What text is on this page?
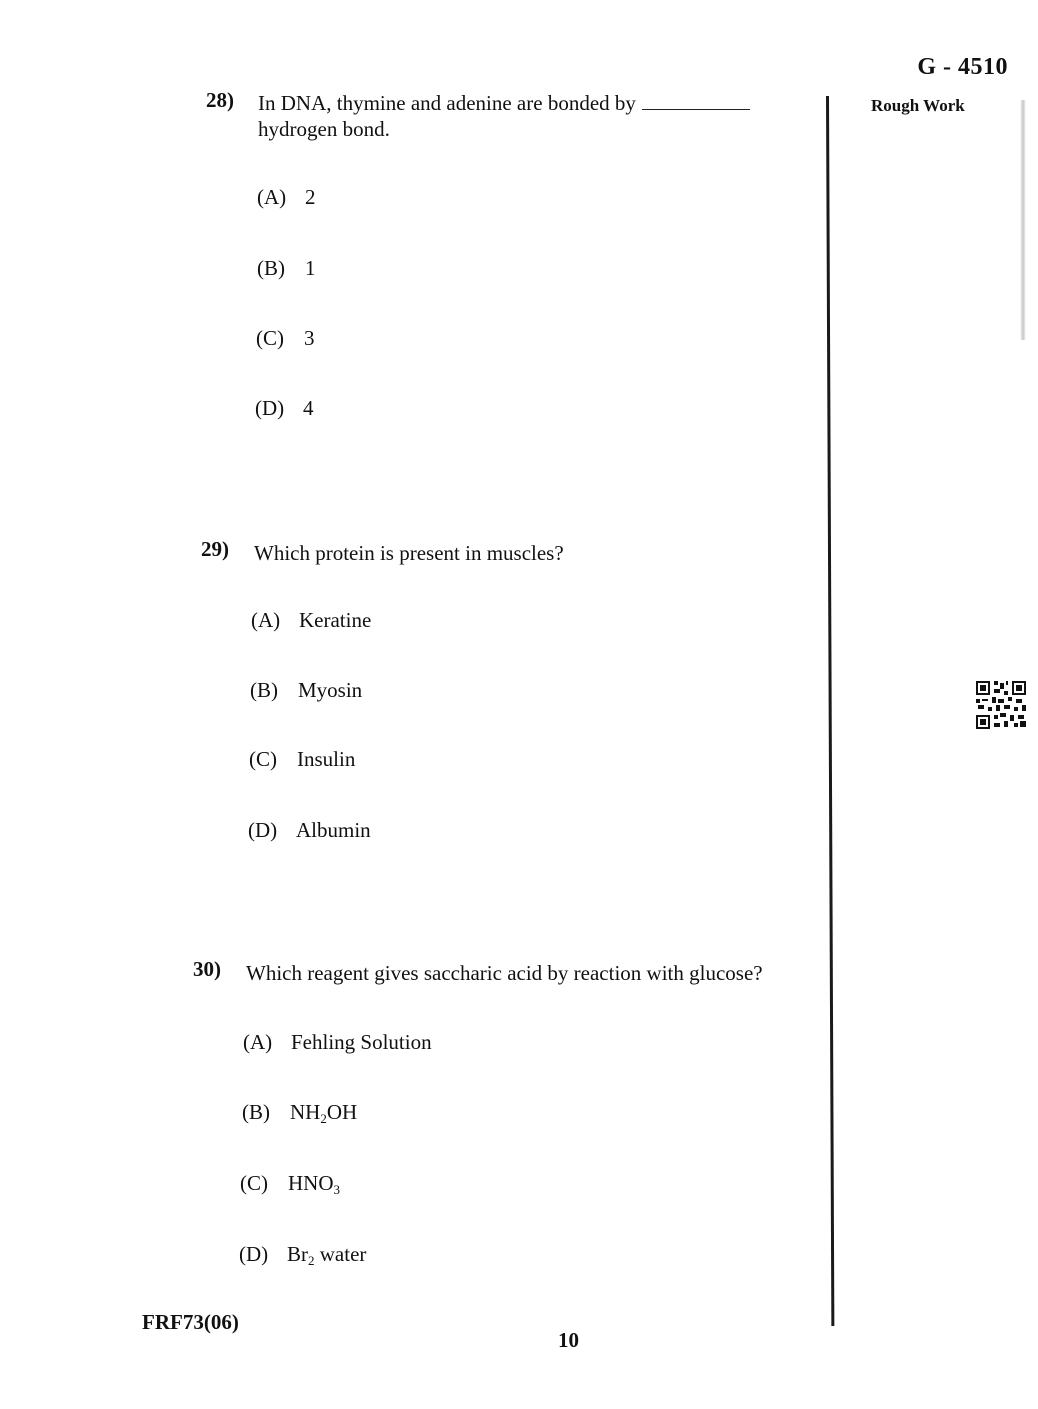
G - 4510
Rough Work
28) In DNA, thymine and adenine are bonded by
hydrogen bond.
(A) 2
(B) 1
(C) 3
(D) 4
29) Which protein is present in muscles?
(A) Keratine
(B) Myosin
(C) Insulin
(D) Albumin
30) Which reagent gives saccharic acid by reaction with glucose?
(A) Fehling Solution
(B) $NH_2OH$
(C) $HNO_3$
(D) $Br_2$ water
FRF73(06)
10
